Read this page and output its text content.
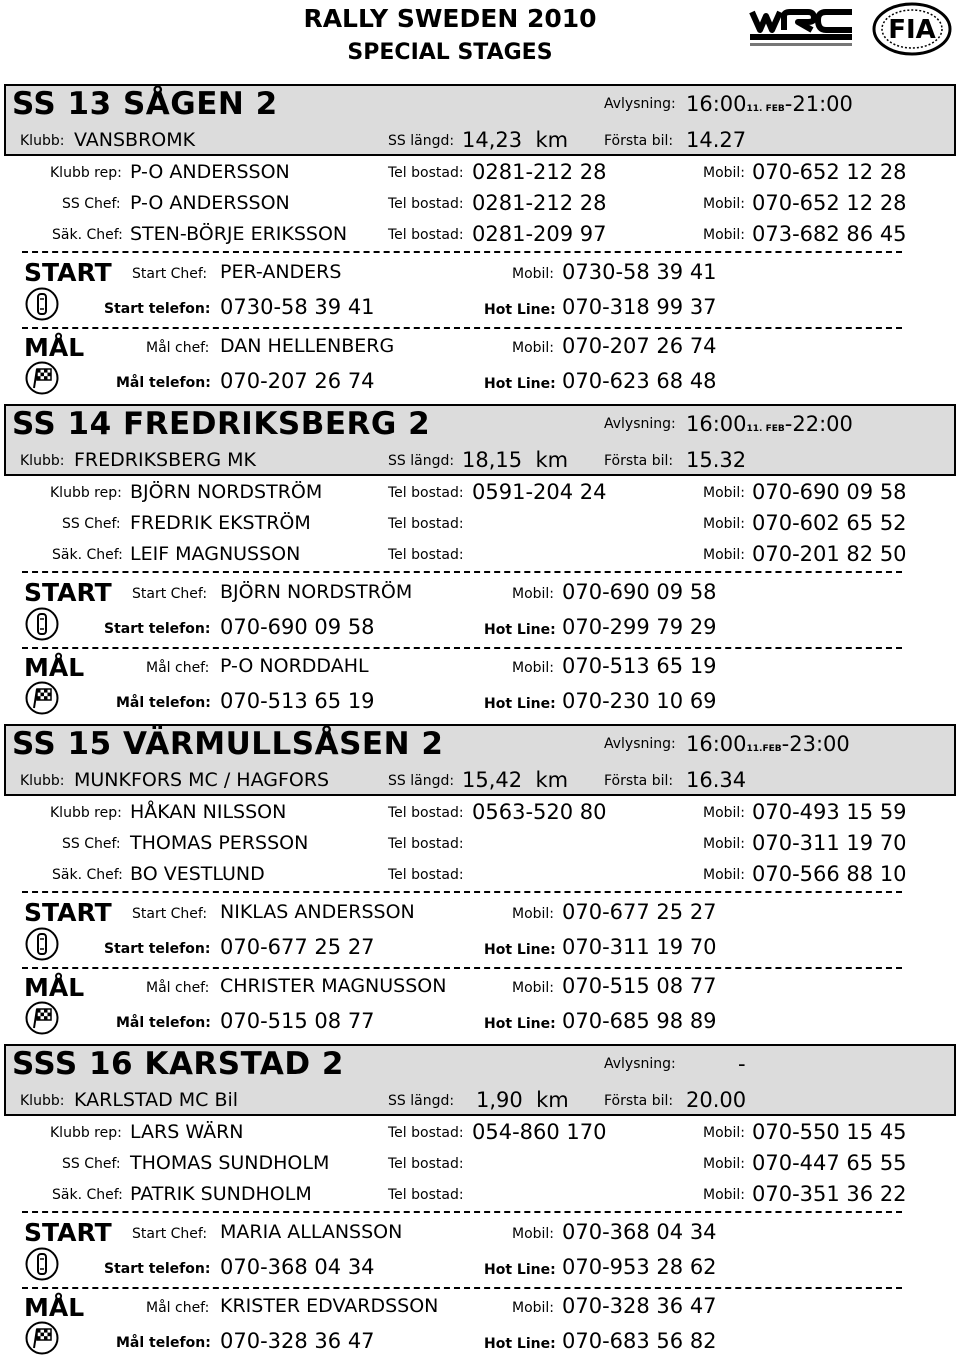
RALLY SWEDEN 2010
SPECIAL STAGES
FIA
SS 13 SÅGEN 2	Avlysning: 16:0011. FEB-21:00
Klubb: VANSBROMK	SS längd: 14,23 km	Första bil: 14.27
Klubb rep: P-O ANDERSSON	Tel bostad: 0281-212 28	Mobil: 070-652 12 28
SS Chef: P-O ANDERSSON	Tel bostad: 0281-212 28	Mobil: 070-652 12 28
Säk. Chef: STEN-BÖRJE ERIKSSON	Tel bostad: 0281-209 97	Mobil: 073-682 86 45
START Start Chef: PER-ANDERS	Mobil: 0730-58 39 41
Start telefon: 0730-58 39 41	Hot Line: 070-318 99 37
MÅL	Mål chef: DAN HELLENBERG	Mobil: 070-207 26 74
Mål telefon: 070-207 26 74	Hot Line: 070-623 68 48
SS 14 FREDRIKSBERG 2	Avlysning: 16:0011. FEB-22:00
Klubb: FREDRIKSBERG MK	SS längd: 18,15 km	Första bil: 15.32
Klubb rep: BJÖRN NORDSTRÖM	Tel bostad: 0591-204 24	Mobil: 070-690 09 58
SS Chef: FREDRIK EKSTRÖM	Tel bostad:	Mobil: 070-602 65 52
Säk. Chef: LEIF MAGNUSSON	Tel bostad:	Mobil: 070-201 82 50
START Start Chef: BJÖRN NORDSTRÖM	Mobil: 070-690 09 58
Start telefon: 070-690 09 58	Hot Line: 070-299 79 29
MÅL	Mål chef: P-O NORDDAHL	Mobil: 070-513 65 19
Mål telefon: 070-513 65 19	Hot Line: 070-230 10 69
SS 15 VÄRMULLSÅSEN 2	Avlysning: 16:0011.FEB-23:00
Klubb: MUNKFORS MC / HAGFORS	SS längd: 15,42 km	Första bil: 16.34
Klubb rep: HÅKAN NILSSON	Tel bostad: 0563-520 80	Mobil: 070-493 15 59
SS Chef: THOMAS PERSSON	Tel bostad:	Mobil: 070-311 19 70
Säk. Chef: BO VESTLUND	Tel bostad:	Mobil: 070-566 88 10
START Start Chef: NIKLAS ANDERSSON	Mobil: 070-677 25 27
Start telefon: 070-677 25 27	Hot Line: 070-311 19 70
MÅL	Mål chef: CHRISTER MAGNUSSON	Mobil: 070-515 08 77
Mål telefon: 070-515 08 77	Hot Line: 070-685 98 89
SSS 16 KARSTAD 2	Avlysning:	-
Klubb: KARLSTAD MC Bil	SS längd: 1,90 km	Första bil: 20.00
Klubb rep: LARS WÄRN	Tel bostad: 054-860 170	Mobil: 070-550 15 45
SS Chef: THOMAS SUNDHOLM	Tel bostad:	Mobil: 070-447 65 55
Säk. Chef: PATRIK SUNDHOLM	Tel bostad:	Mobil: 070-351 36 22
START Start Chef: MARIA ALLANSSON	Mobil: 070-368 04 34
Start telefon: 070-368 04 34	Hot Line: 070-953 28 62
MÅL	Mål chef: KRISTER EDVARDSSON	Mobil: 070-328 36 47
Mål telefon: 070-328 36 47	Hot Line: 070-683 56 82
